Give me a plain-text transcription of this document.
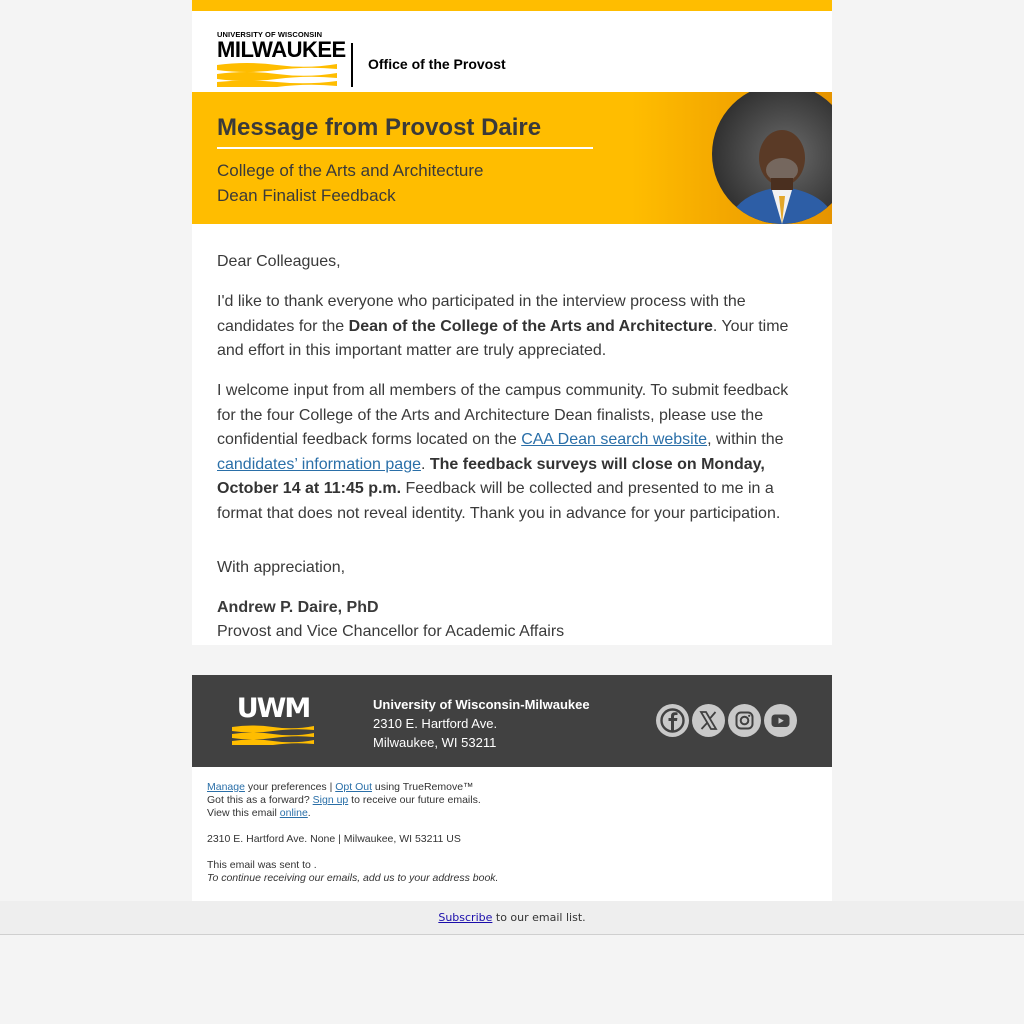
UNIVERSITY OF WISCONSIN
MILWAUKEE
Office of the Provost
Message from Provost Daire
College of the Arts and Architecture
Dean Finalist Feedback

Dear Colleagues,

I'd like to thank everyone who participated in the interview process with the candidates for the Dean of the College of the Arts and Architecture. Your time and effort in this important matter are truly appreciated.

I welcome input from all members of the campus community. To submit feedback for the four College of the Arts and Architecture Dean finalists, please use the confidential feedback forms located on the CAA Dean search website, within the candidates’ information page. The feedback surveys will close on Monday, October 14 at 11:45 p.m. Feedback will be collected and presented to me in a format that does not reveal identity. Thank you in advance for your participation.

With appreciation,

Andrew P. Daire, PhD
Provost and Vice Chancellor for Academic Affairs
UWM	University of Wisconsin-Milwaukee
2310 E. Hartford Ave.
Milwaukee, WI 53211
Manage your preferences | Opt Out using TrueRemove™
Got this as a forward? Sign up to receive our future emails.
View this email online.
2310 E. Hartford Ave. None | Milwaukee, WI 53211 US
This email was sent to .
To continue receiving our emails, add us to your address book.
Subscribe to our email list.
